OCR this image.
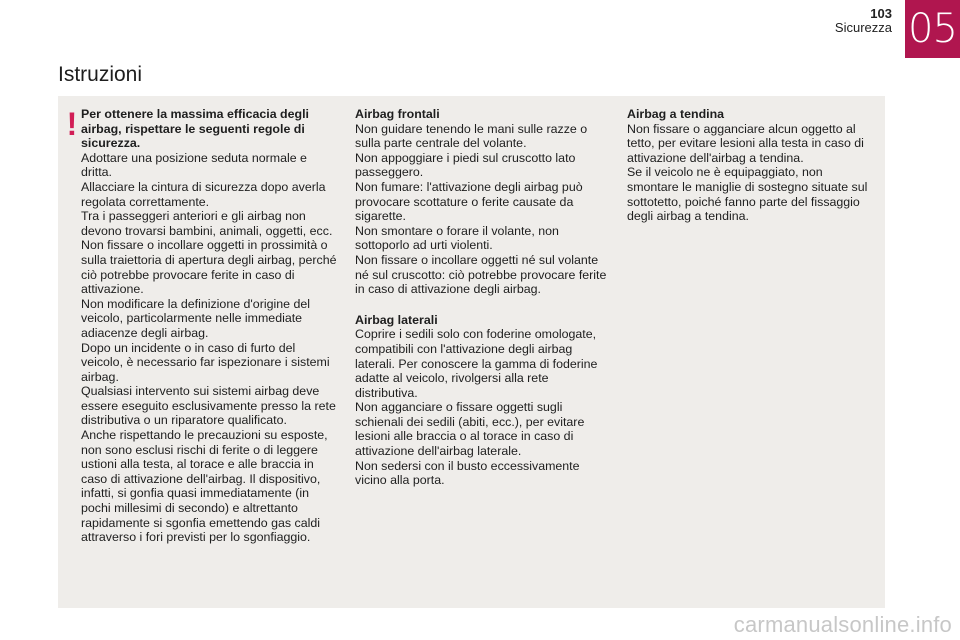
103
Sicurezza 05
Istruzioni
! Per ottenere la massima efficacia degli airbag, rispettare le seguenti regole di sicurezza.

Adottare una posizione seduta normale e dritta.

Allacciare la cintura di sicurezza dopo averla regolata correttamente.

Tra i passeggeri anteriori e gli airbag non devono trovarsi bambini, animali, oggetti, ecc. Non fissare o incollare oggetti in prossimità o sulla traiettoria di apertura degli airbag, perché ciò potrebbe provocare ferite in caso di attivazione.

Non modificare la definizione d'origine del veicolo, particolarmente nelle immediate adiacenze degli airbag.

Dopo un incidente o in caso di furto del veicolo, è necessario far ispezionare i sistemi airbag.

Qualsiasi intervento sui sistemi airbag deve essere eseguito esclusivamente presso la rete distributiva o un riparatore qualificato.

Anche rispettando le precauzioni su esposte, non sono esclusi rischi di ferite o di leggere ustioni alla testa, al torace e alle braccia in caso di attivazione dell'airbag. Il dispositivo, infatti, si gonfia quasi immediatamente (in pochi millesimi di secondo) e altrettanto rapidamente si sgonfia emettendo gas caldi attraverso i fori previsti per lo sgonfiaggio.

Airbag frontali

Non guidare tenendo le mani sulle razze o sulla parte centrale del volante.

Non appoggiare i piedi sul cruscotto lato passeggero.

Non fumare: l'attivazione degli airbag può provocare scottature o ferite causate da sigarette.

Non smontare o forare il volante, non sottoporlo ad urti violenti.

Non fissare o incollare oggetti né sul volante né sul cruscotto: ciò potrebbe provocare ferite in caso di attivazione degli airbag.

Airbag laterali

Coprire i sedili solo con foderine omologate, compatibili con l'attivazione degli airbag laterali. Per conoscere la gamma di foderine adatte al veicolo, rivolgersi alla rete distributiva.

Non agganciare o fissare oggetti sugli schienali dei sedili (abiti, ecc.), per evitare lesioni alle braccia o al torace in caso di attivazione dell'airbag laterale.

Non sedersi con il busto eccessivamente vicino alla porta.

Airbag a tendina

Non fissare o agganciare alcun oggetto al tetto, per evitare lesioni alla testa in caso di attivazione dell'airbag a tendina.

Se il veicolo ne è equipaggiato, non smontare le maniglie di sostegno situate sul sottotetto, poiché fanno parte del fissaggio degli airbag a tendina.

carmanualsonline.info
